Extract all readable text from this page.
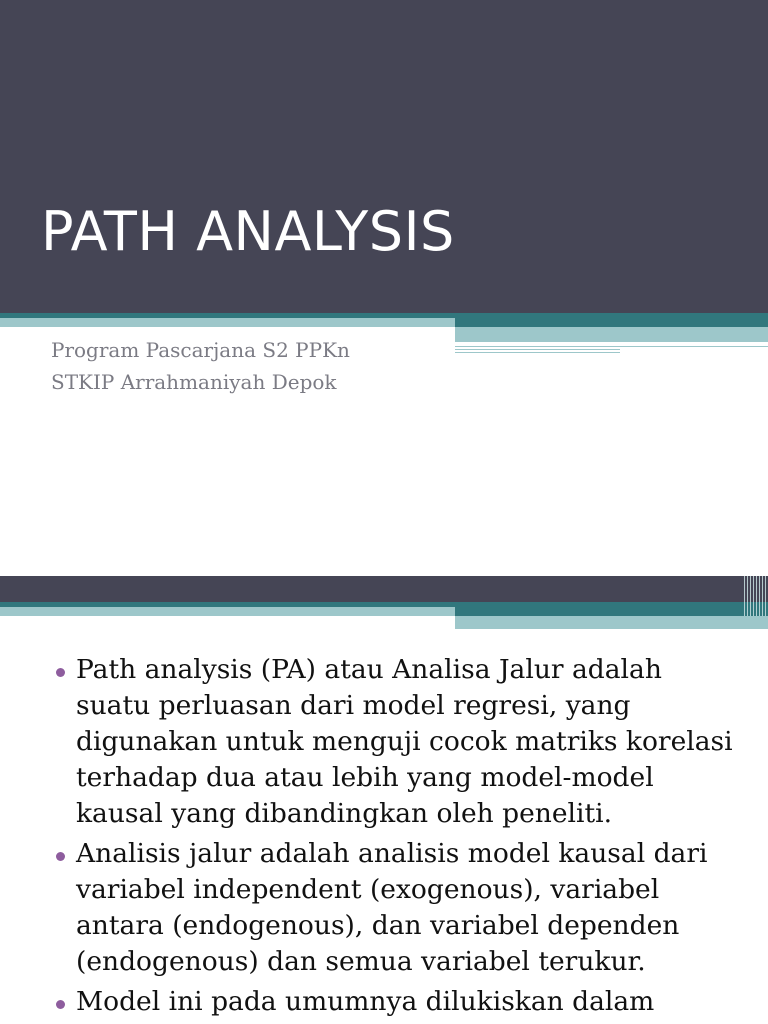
PATH ANALYSIS
Program Pascarjana S2 PPKn
STKIP Arrahmaniyah Depok
Path analysis (PA) atau Analisa Jalur adalah
suatu perluasan dari model regresi, yang
digunakan untuk menguji cocok matriks korelasi
terhadap dua atau lebih yang model-model
kausal yang dibandingkan oleh peneliti.
Analisis jalur adalah analisis model kausal dari
variabel independent (exogenous), variabel
antara (endogenous), dan variabel dependen
(endogenous) dan semua variabel terukur.
Model ini pada umumnya dilukiskan dalam
